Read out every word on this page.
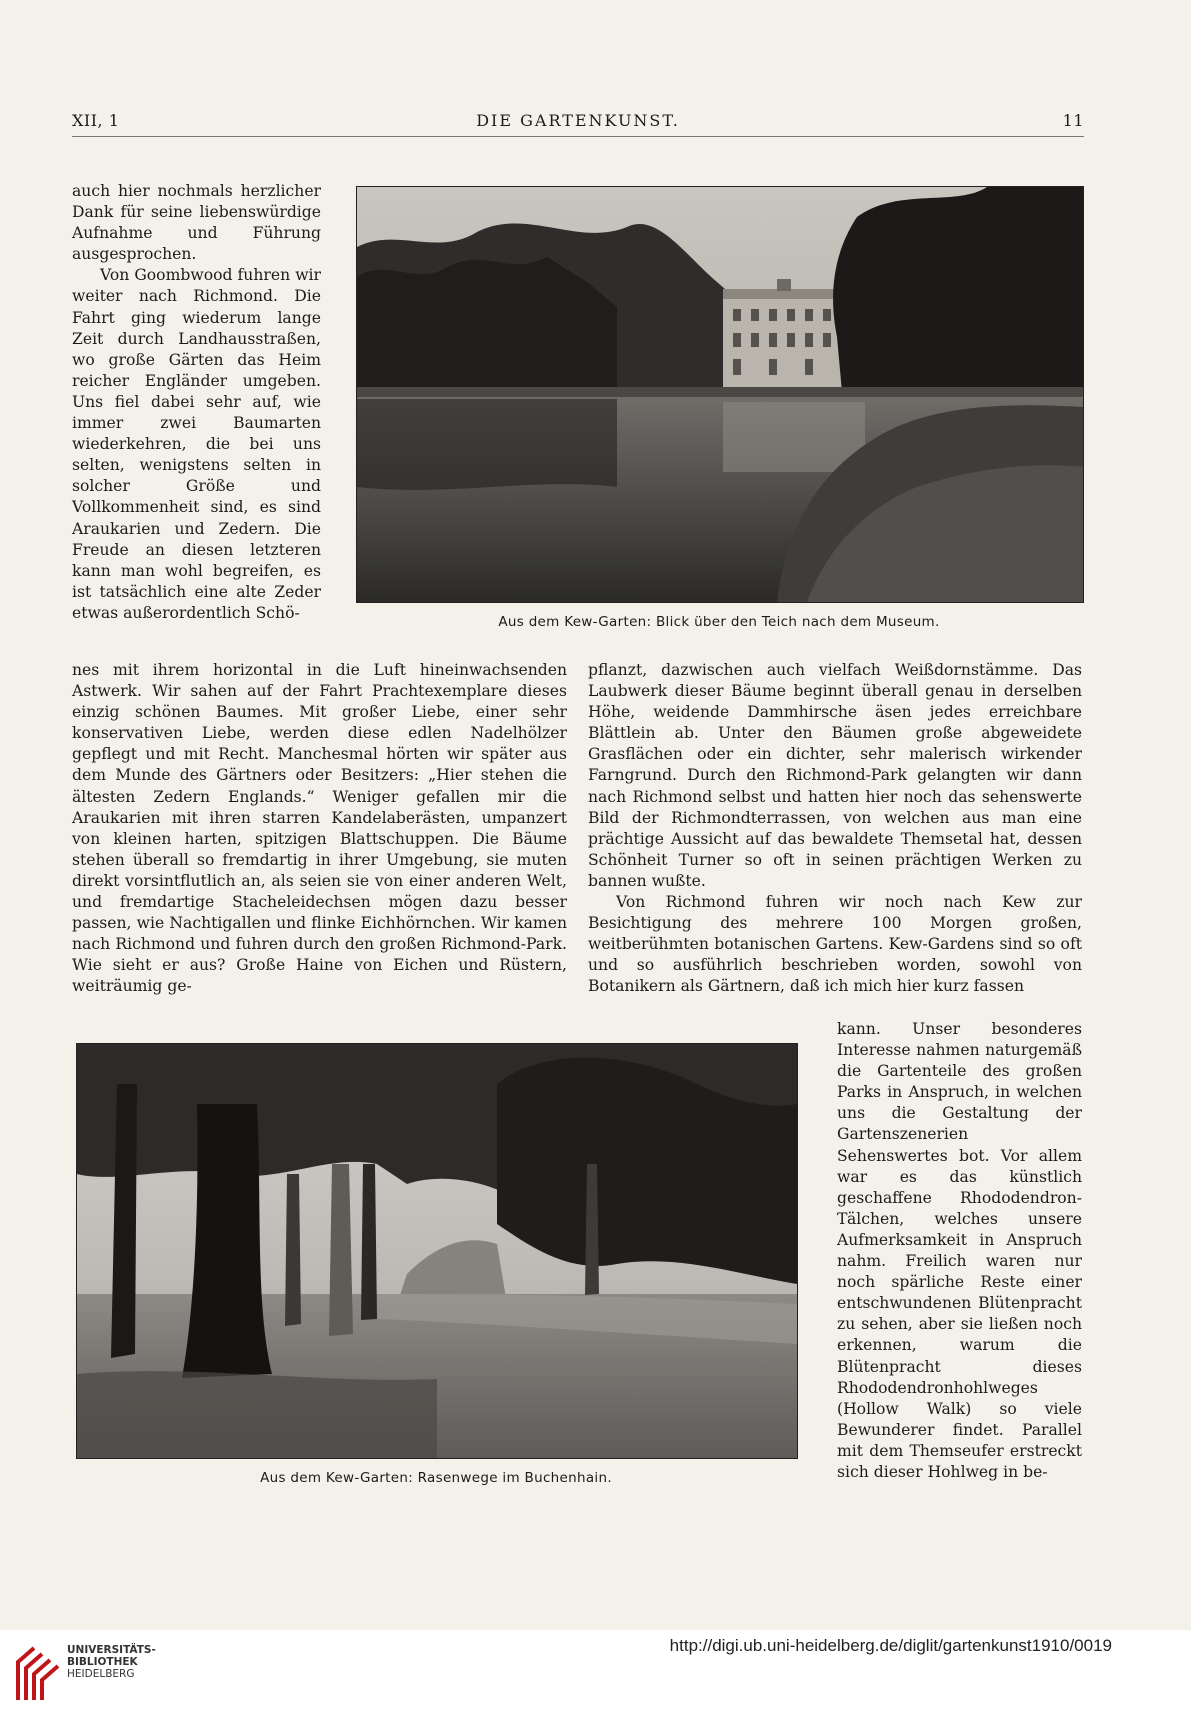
XII, 1	DIE GARTENKUNST.	11

auch hier nochmals herzlicher Dank für seine liebenswürdige Aufnahme und Führung ausgesprochen.

Von Goombwood fuhren wir weiter nach Richmond. Die Fahrt ging wiederum lange Zeit durch Landhausstraßen, wo große Gärten das Heim reicher Engländer umgeben. Uns fiel dabei sehr auf, wie immer zwei Baumarten wiederkehren, die bei uns selten, wenigstens selten in solcher Größe und Vollkommenheit sind, es sind Araukarien und Zedern. Die Freude an diesen letzteren kann man wohl begreifen, es ist tatsächlich eine alte Zeder etwas außerordentlich Schö-

Aus dem Kew-Garten: Blick über den Teich nach dem Museum.

nes mit ihrem horizontal in die Luft hineinwachsenden Astwerk. Wir sahen auf der Fahrt Prachtexemplare dieses einzig schönen Baumes. Mit großer Liebe, einer sehr konservativen Liebe, werden diese edlen Nadelhölzer gepflegt und mit Recht. Manchesmal hörten wir später aus dem Munde des Gärtners oder Besitzers: „Hier stehen die ältesten Zedern Englands.“ Weniger gefallen mir die Araukarien mit ihren starren Kandelaberästen, umpanzert von kleinen harten, spitzigen Blattschuppen. Die Bäume stehen überall so fremdartig in ihrer Umgebung, sie muten direkt vorsintflutlich an, als seien sie von einer anderen Welt, und fremdartige Stacheleidechsen mögen dazu besser passen, wie Nachtigallen und flinke Eichhörnchen. Wir kamen nach Richmond und fuhren durch den großen Richmond-Park. Wie sieht er aus? Große Haine von Eichen und Rüstern, weiträumig ge-

pflanzt, dazwischen auch vielfach Weißdornstämme. Das Laubwerk dieser Bäume beginnt überall genau in derselben Höhe, weidende Dammhirsche äsen jedes erreichbare Blättlein ab. Unter den Bäumen große abgeweidete Grasflächen oder ein dichter, sehr malerisch wirkender Farngrund. Durch den Richmond-Park gelangten wir dann nach Richmond selbst und hatten hier noch das sehenswerte Bild der Richmondterrassen, von welchen aus man eine prächtige Aussicht auf das bewaldete Themsetal hat, dessen Schönheit Turner so oft in seinen prächtigen Werken zu bannen wußte.

Von Richmond fuhren wir noch nach Kew zur Besichtigung des mehrere 100 Morgen großen, weitberühmten botanischen Gartens. Kew-Gardens sind so oft und so ausführlich beschrieben worden, sowohl von Botanikern als Gärtnern, daß ich mich hier kurz fassen

Aus dem Kew-Garten: Rasenwege im Buchenhain.

kann. Unser besonderes Interesse nahmen naturgemäß die Gartenteile des großen Parks in Anspruch, in welchen uns die Gestaltung der Gartenszenerien Sehenswertes bot. Vor allem war es das künstlich geschaffene Rhododendron-Tälchen, welches unsere Aufmerksamkeit in Anspruch nahm. Freilich waren nur noch spärliche Reste einer entschwundenen Blütenpracht zu sehen, aber sie ließen noch erkennen, warum die Blütenpracht dieses Rhododendronhohlweges (Hollow Walk) so viele Bewunderer findet. Parallel mit dem Themseufer erstreckt sich dieser Hohlweg in be-

UNIVERSITÄTS-
BIBLIOTHEK
HEIDELBERG
http://digi.ub.uni-heidelberg.de/diglit/gartenkunst1910/0019
